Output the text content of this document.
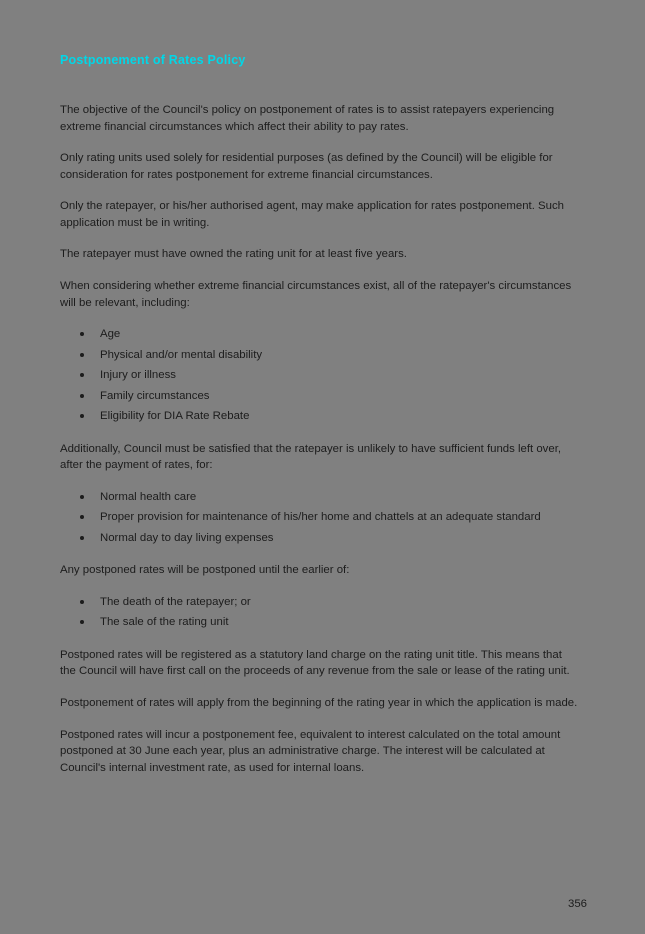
Postponement of Rates Policy

The objective of the Council's policy on postponement of rates is to assist ratepayers experiencing extreme financial circumstances which affect their ability to pay rates.

Only rating units used solely for residential purposes (as defined by the Council) will be eligible for consideration for rates postponement for extreme financial circumstances.

Only the ratepayer, or his/her authorised agent, may make application for rates postponement. Such application must be in writing.

The ratepayer must have owned the rating unit for at least five years.

When considering whether extreme financial circumstances exist, all of the ratepayer's circumstances will be relevant, including:

Age
Physical and/or mental disability
Injury or illness
Family circumstances
Eligibility for DIA Rate Rebate

Additionally, Council must be satisfied that the ratepayer is unlikely to have sufficient funds left over, after the payment of rates, for:

Normal health care
Proper provision for maintenance of his/her home and chattels at an adequate standard
Normal day to day living expenses

Any postponed rates will be postponed until the earlier of:

The death of the ratepayer; or
The sale of the rating unit

Postponed rates will be registered as a statutory land charge on the rating unit title. This means that the Council will have first call on the proceeds of any revenue from the sale or lease of the rating unit.

Postponement of rates will apply from the beginning of the rating year in which the application is made.

Postponed rates will incur a postponement fee, equivalent to interest calculated on the total amount postponed at 30 June each year, plus an administrative charge. The interest will be calculated at Council's internal investment rate, as used for internal loans.

356
